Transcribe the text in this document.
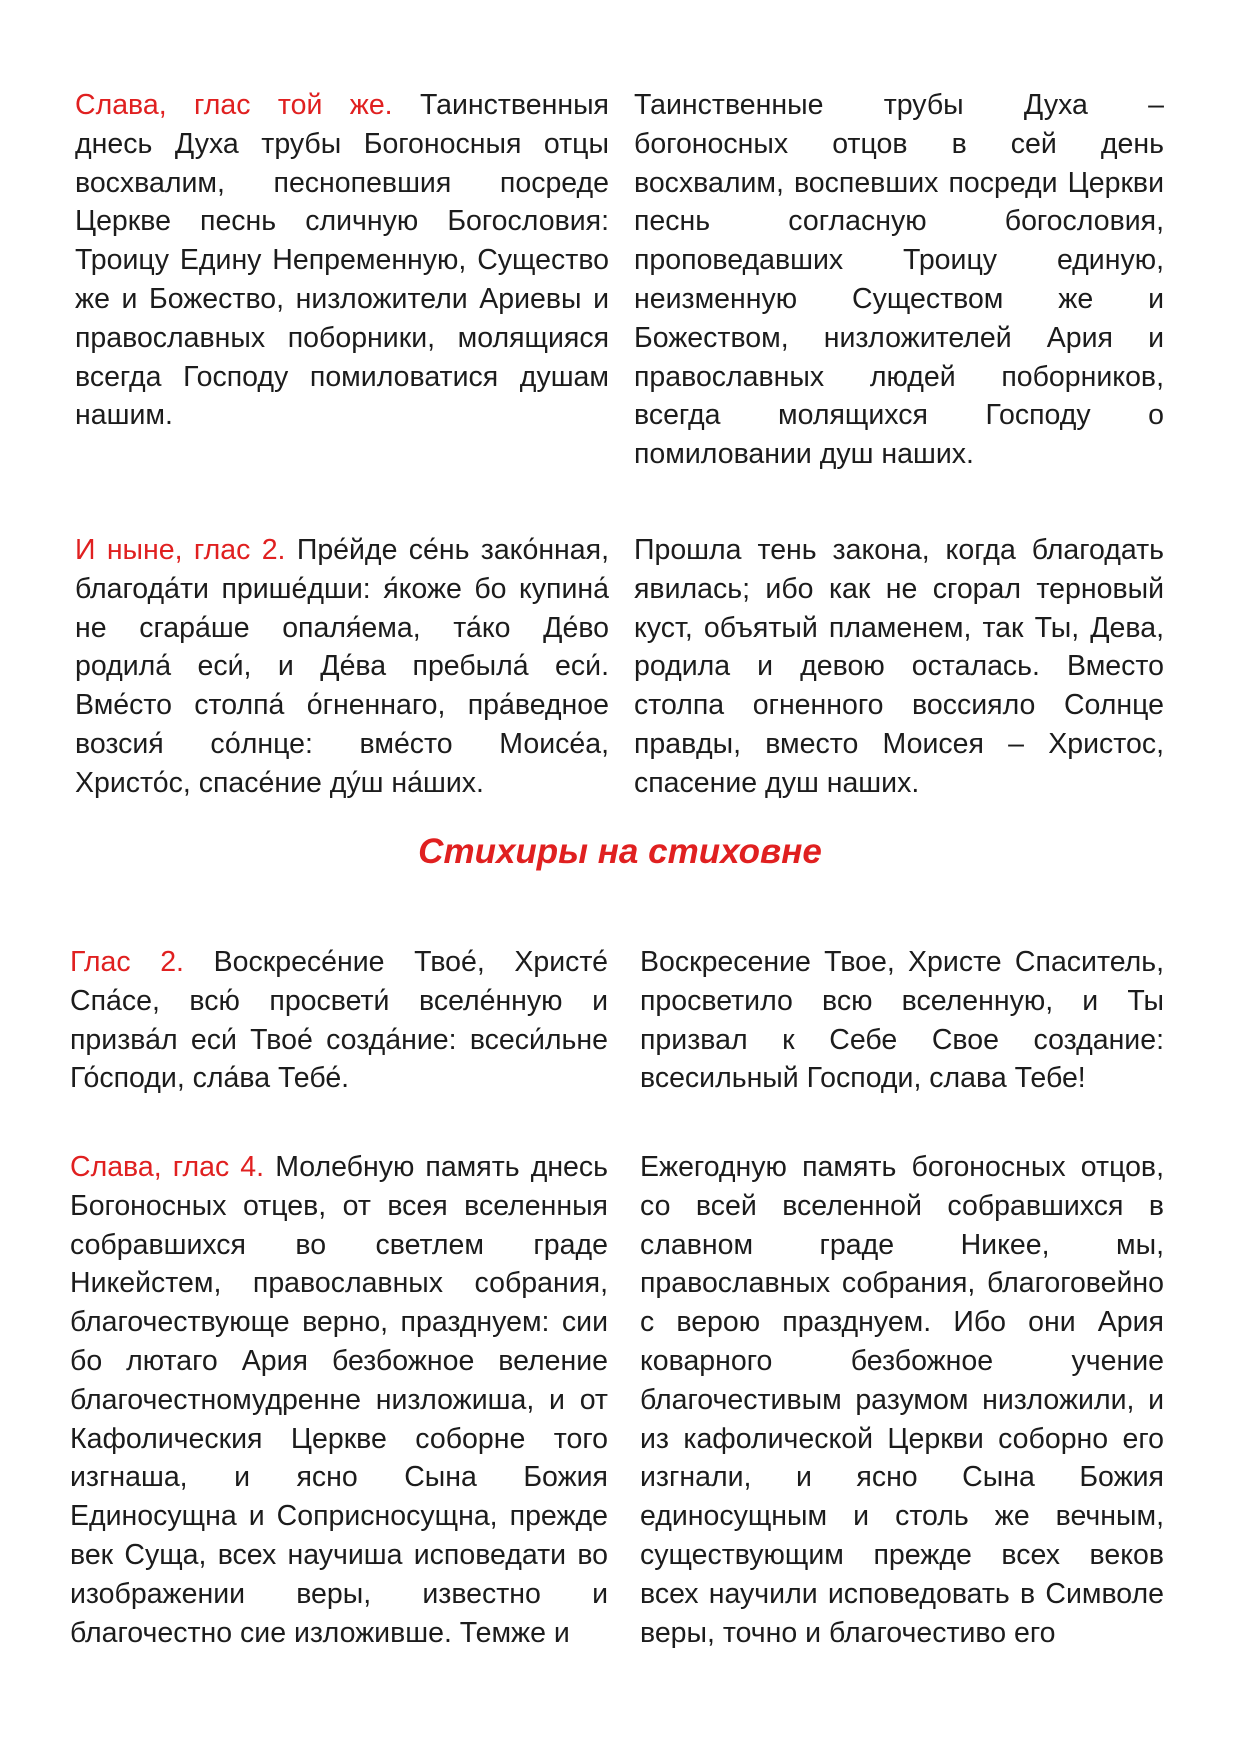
Слава, глас той же. Таинственныя днесь Духа трубы Богоносныя отцы восхвалим, песнопевшия посреде Церкве песнь сличную Богословия: Троицу Едину Непременную, Существо же и Божество, низложители Ариевы и православных поборники, молящияся всегда Господу помиловатися душам нашим.
Таинственные трубы Духа – богоносных отцов в сей день восхвалим, воспевших посреди Церкви песнь согласную богословия, проповедавших Троицу единую, неизменную Существом же и Божеством, низложителей Ария и православных людей поборников, всегда молящихся Господу о помиловании душ наших.
И ныне, глас 2. Пре́йде се́нь зако́нная, благода́ти прише́дши: я́коже бо купина́ не сгара́ше опаля́ема, та́ко Де́во родила́ еси́, и Де́ва пребыла́ еси́. Вме́сто столпа́ о́гненнаго, пра́ведное возсия́ со́лнце: вме́сто Моисе́а, Христо́с, спасе́ние ду́ш на́ших.
Прошла тень закона, когда благодать явилась; ибо как не сгорал терновый куст, объятый пламенем, так Ты, Дева, родила и девою осталась. Вместо столпа огненного воссияло Солнце правды, вместо Моисея – Христос, спасение душ наших.
Стихиры на стиховне
Глас 2. Воскресе́ние Твое́, Христе́ Спа́се, всю́ просвети́ вселе́нную и призва́л еси́ Твое́ созда́ние: всеси́льне Го́споди, сла́ва Тебе́.
Воскресение Твое, Христе Спаситель, просветило всю вселенную, и Ты призвал к Себе Свое создание: всесильный Господи, слава Тебе!
Слава, глас 4. Молебную память днесь Богоносных отцев, от всея вселенныя собравшихся во светлем граде Никейстем, православных собрания, благочествующе верно, празднуем: сии бо лютаго Ария безбожное веление благочестномудренне низложиша, и от Кафолическия Церкве соборне того изгнаша, и ясно Сына Божия Единосущна и Соприсносущна, прежде век Суща, всех научиша исповедати во изображении веры, известно и благочестно сие изложивше. Темже и
Ежегодную память богоносных отцов, со всей вселенной собравшихся в славном граде Никее, мы, православных собрания, благоговейно с верою празднуем. Ибо они Ария коварного безбожное учение благочестивым разумом низложили, и из кафолической Церкви соборно его изгнали, и ясно Сына Божия единосущным и столь же вечным, существующим прежде всех веков всех научили исповедовать в Символе веры, точно и благочестиво его
